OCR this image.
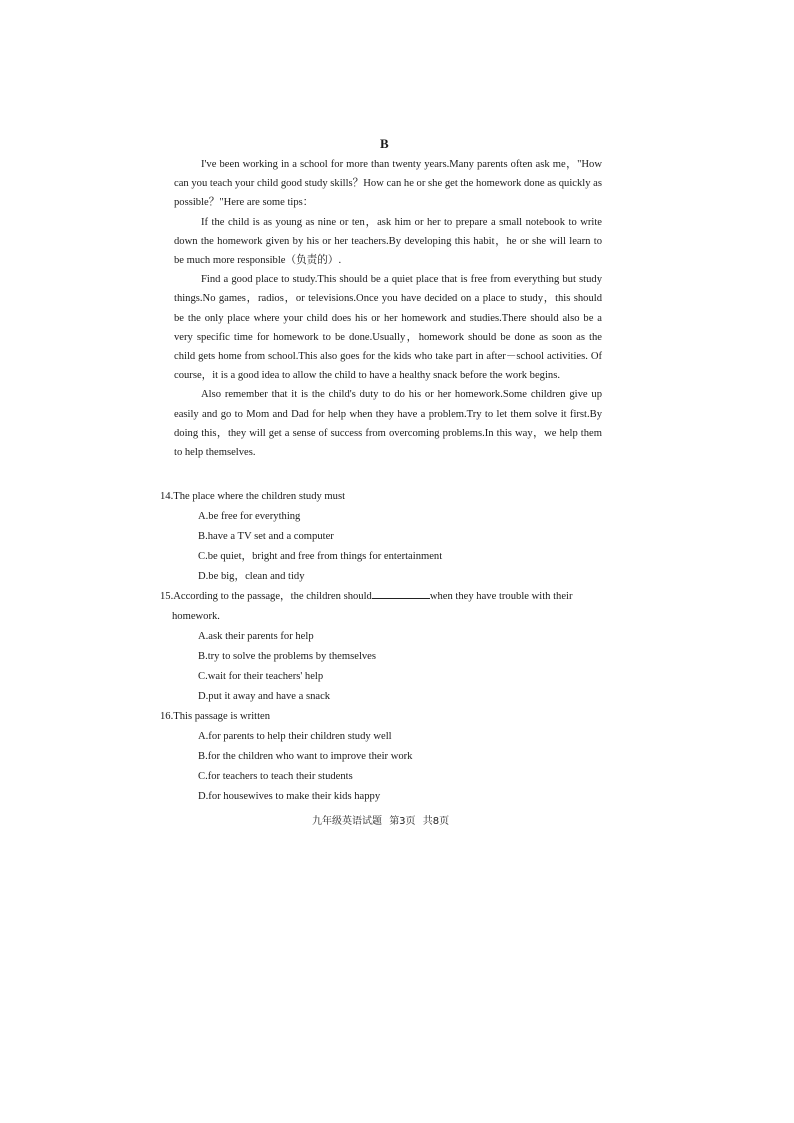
B

I've been working in a school for more than twenty years.Many parents often ask me，"How can you teach your child good study skills？How can he or she get the homework done as quickly as possible？"Here are some tips：

If the child is as young as nine or ten，ask him or her to prepare a small notebook to write down the homework given by his or her teachers.By developing this habit，he or she will learn to be much more responsible（负责的）.

Find a good place to study.This should be a quiet place that is free from everything but study things.No games，radios，or televisions.Once you have decided on a place to study，this should be the only place where your child does his or her homework and studies.There should also be a very specific time for homework to be done.Usually，homework should be done as soon as the child gets home from school.This also goes for the kids who take part in after－school activities. Of course，it is a good idea to allow the child to have a healthy snack before the work begins.

Also remember that it is the child's duty to do his or her homework.Some children give up easily and go to Mom and Dad for help when they have a problem.Try to let them solve it first.By doing this，they will get a sense of success from overcoming problems.In this way，we help them to help themselves.

14.The place where the children study must
A.be free for everything
B.have a TV set and a computer
C.be quiet，bright and free from things for entertainment
D.be big，clean and tidy
15.According to the passage，the children should	when they have trouble with their
homework.
A.ask their parents for help
B.try to solve the problems by themselves
C.wait for their teachers' help
D.put it away and have a snack
16.This passage is written
A.for parents to help their children study well
B.for the children who want to improve their work
C.for teachers to teach their students
D.for housewives to make their kids happy
九年级英语试题 第3页 共8页
